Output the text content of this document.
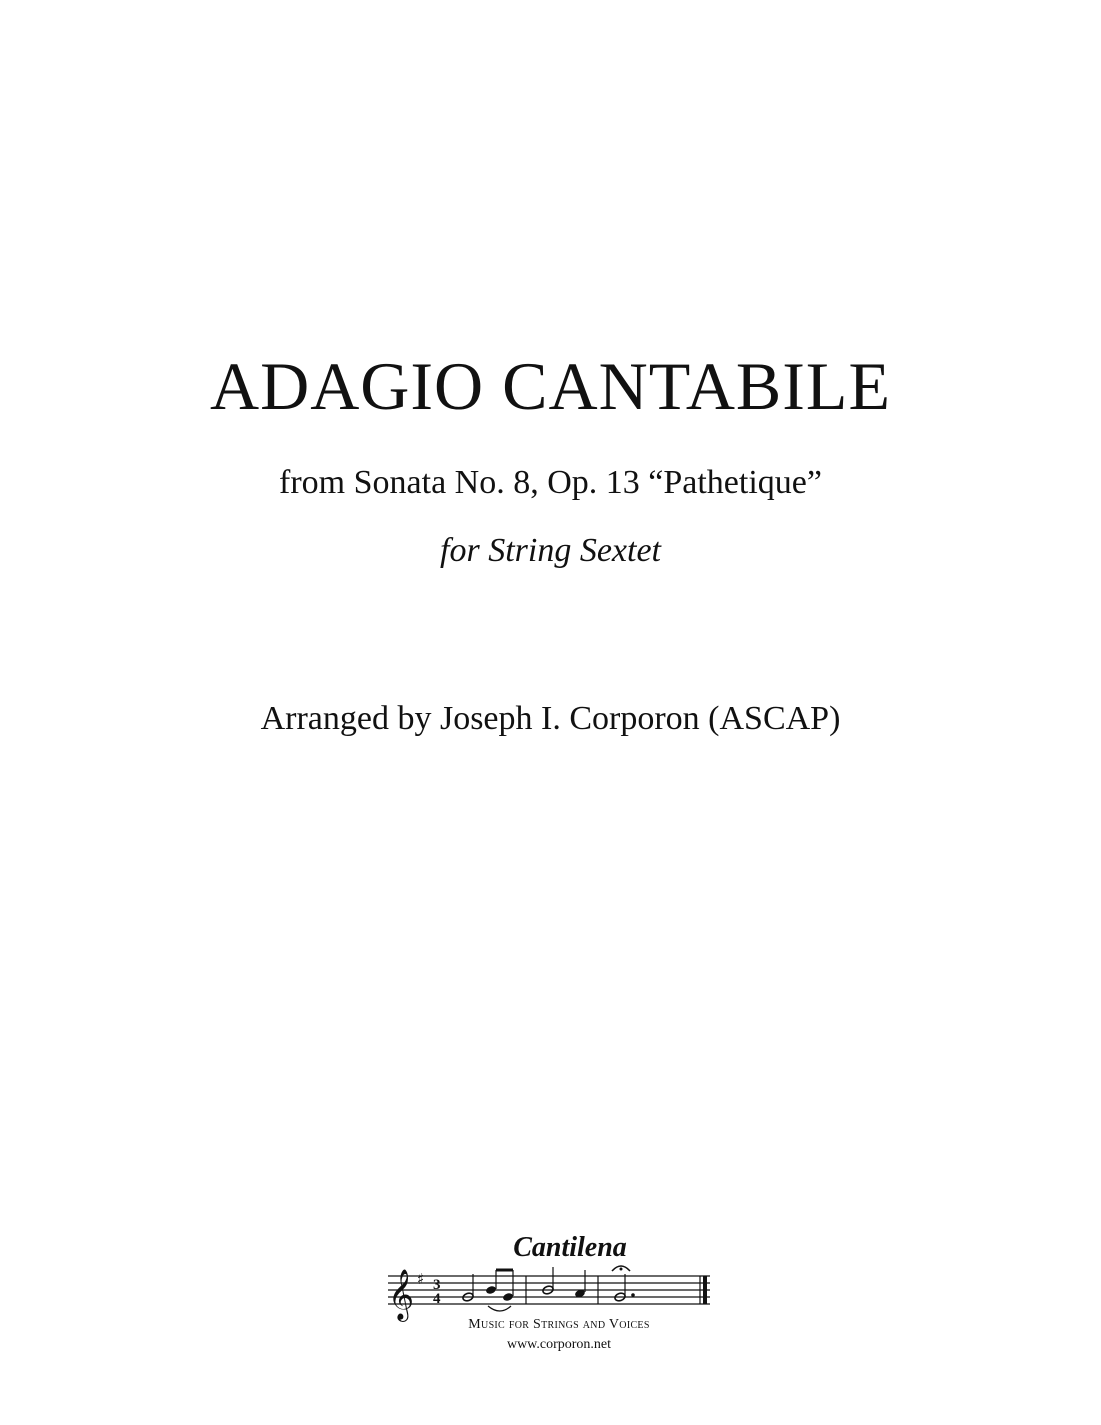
ADAGIO CANTABILE
from Sonata No. 8, Op. 13 “Pathetique”
for String Sextet
Arranged by Joseph I. Corporon (ASCAP)
Cantilena
𝄞 ♯ 3
4
Music for Strings and Voices
www.corporon.net
